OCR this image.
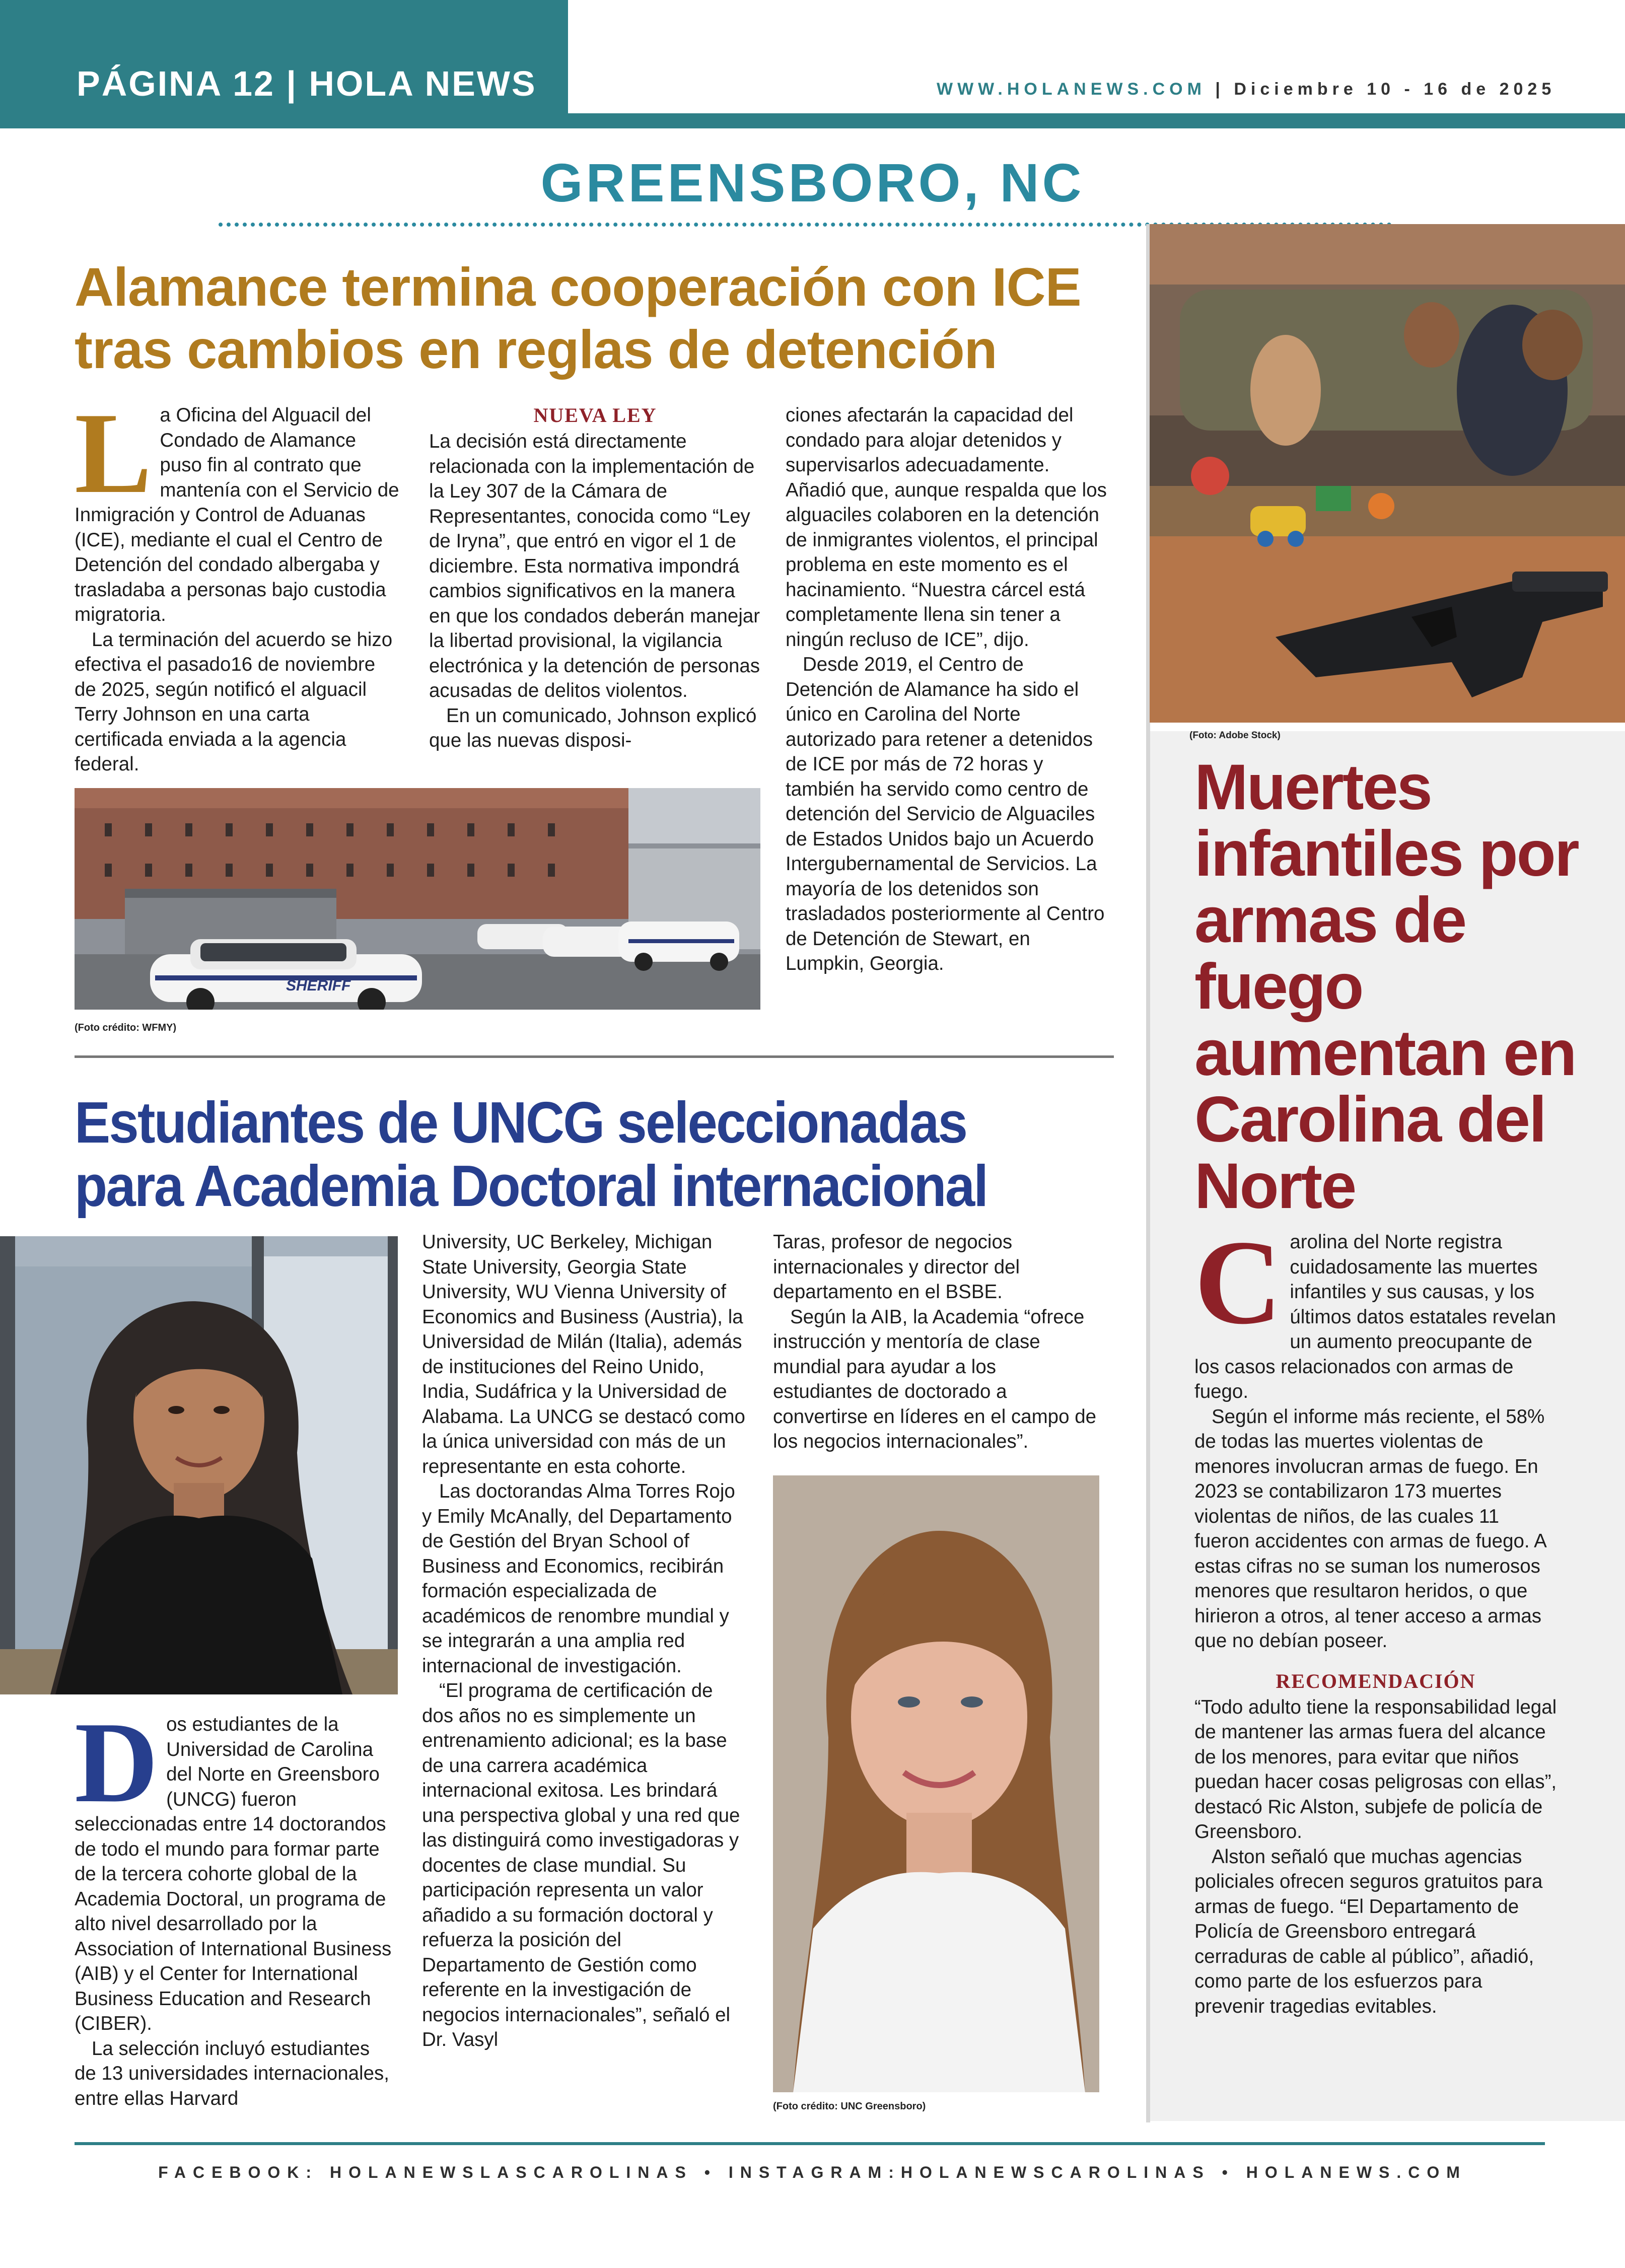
PÁGINA 12 | HOLA NEWS	WWW.HOLANEWS.COM | Diciembre 10 - 16 de 2025
GREENSBORO, NC
Alamance termina cooperación con ICE tras cambios en reglas de detención

La Oficina del Alguacil del Condado de Alamance puso fin al contrato que mantenía con el Servicio de Inmigración y Control de Aduanas (ICE), mediante el cual el Centro de Detención del condado albergaba y trasladaba a personas bajo custodia migratoria.

La terminación del acuerdo se hizo efectiva el pasado16 de noviembre de 2025, según notificó el alguacil Terry Johnson en una carta certificada enviada a la agencia federal.

NUEVA LEY

La decisión está directamente relacionada con la implementación de la Ley 307 de la Cámara de Representantes, conocida como “Ley de Iryna”, que entró en vigor el 1 de diciembre. Esta normativa impondrá cambios significativos en la manera en que los condados deberán manejar la libertad provisional, la vigilancia electrónica y la detención de personas acusadas de delitos violentos.

En un comunicado, Johnson explicó que las nuevas disposi-

ciones afectarán la capacidad del condado para alojar detenidos y supervisarlos adecuadamente. Añadió que, aunque respalda que los alguaciles colaboren en la detención de inmigrantes violentos, el principal problema en este momento es el hacinamiento. “Nuestra cárcel está completamente llena sin tener a ningún recluso de ICE”, dijo.

Desde 2019, el Centro de Detención de Alamance ha sido el único en Carolina del Norte autorizado para retener a detenidos de ICE por más de 72 horas y también ha servido como centro de detención del Servicio de Alguaciles de Estados Unidos bajo un Acuerdo Intergubernamental de Servicios. La mayoría de los detenidos son trasladados posteriormente al Centro de Detención de Stewart, en Lumpkin, Georgia.

SHERIFF
(Foto crédito: WFMY)
Estudiantes de UNCG seleccionadas para Academia Doctoral internacional

Dos estudiantes de la Universidad de Carolina del Norte en Greensboro (UNCG) fueron seleccionadas entre 14 doctorandos de todo el mundo para formar parte de la tercera cohorte global de la Academia Doctoral, un programa de alto nivel desarrollado por la Association of International Business (AIB) y el Center for International Business Education and Research (CIBER).

La selección incluyó estudiantes de 13 universidades internacionales, entre ellas Harvard

University, UC Berkeley, Michigan State University, Georgia State University, WU Vienna University of Economics and Business (Austria), la Universidad de Milán (Italia), además de instituciones del Reino Unido, India, Sudáfrica y la Universidad de Alabama. La UNCG se destacó como la única universidad con más de un representante en esta cohorte.

Las doctorandas Alma Torres Rojo y Emily McAnally, del Departamento de Gestión del Bryan School of Business and Economics, recibirán formación especializada de académicos de renombre mundial y se integrarán a una amplia red internacional de investigación.

“El programa de certificación de dos años no es simplemente un entrenamiento adicional; es la base de una carrera académica internacional exitosa. Les brindará una perspectiva global y una red que las distinguirá como investigadoras y docentes de clase mundial. Su participación representa un valor añadido a su formación doctoral y refuerza la posición del Departamento de Gestión como referente en la investigación de negocios internacionales”, señaló el Dr. Vasyl

Taras, profesor de negocios internacionales y director del departamento en el BSBE.

Según la AIB, la Academia “ofrece instrucción y mentoría de clase mundial para ayudar a los estudiantes de doctorado a convertirse en líderes en el campo de los negocios internacionales”.

(Foto crédito: UNC Greensboro)
(Foto: Adobe Stock)
Muertes infantiles por armas de fuego aumentan en Carolina del Norte

Carolina del Norte registra cuidadosamente las muertes infantiles y sus causas, y los últimos datos estatales revelan un aumento preocupante de los casos relacionados con armas de fuego.

Según el informe más reciente, el 58% de todas las muertes violentas de menores involucran armas de fuego. En 2023 se contabilizaron 173 muertes violentas de niños, de las cuales 11 fueron accidentes con armas de fuego. A estas cifras no se suman los numerosos menores que resultaron heridos, o que hirieron a otros, al tener acceso a armas que no debían poseer.

RECOMENDACIÓN

“Todo adulto tiene la responsabilidad legal de mantener las armas fuera del alcance de los menores, para evitar que niños puedan hacer cosas peligrosas con ellas”, destacó Ric Alston, subjefe de policía de Greensboro.

Alston señaló que muchas agencias policiales ofrecen seguros gratuitos para armas de fuego. “El Departamento de Policía de Greensboro entregará cerraduras de cable al público”, añadió, como parte de los esfuerzos para prevenir tragedias evitables.

FACEBOOK: HOLANEWSLASCAROLINAS • INSTAGRAM:HOLANEWSCAROLINAS • HOLANEWS.COM
